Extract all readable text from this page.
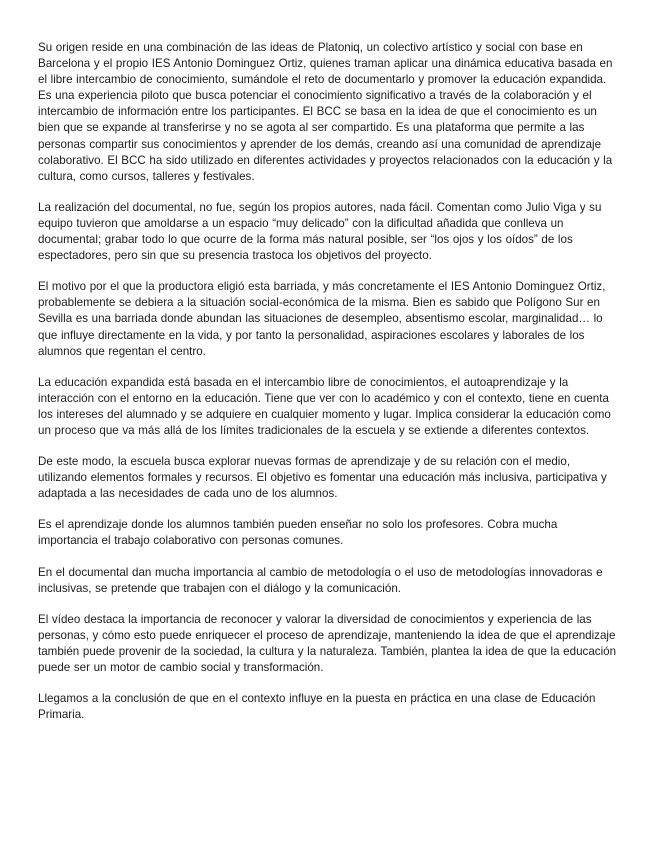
Su origen reside en una combinación de las ideas de Platoniq, un colectivo artístico y social con base en Barcelona y el propio IES Antonio Dominguez Ortiz, quienes traman aplicar una dinámica educativa basada en el libre intercambio de conocimiento, sumándole el reto de documentarlo y promover la educación expandida. Es una experiencia piloto que busca potenciar el conocimiento significativo a través de la colaboración y el intercambio de información entre los participantes. El BCC se basa en la idea de que el conocimiento es un bien que se expande al transferirse y no se agota al ser compartido. Es una plataforma que permite a las personas compartir sus conocimientos y aprender de los demás, creando así una comunidad de aprendizaje colaborativo. El BCC ha sido utilizado en diferentes actividades y proyectos relacionados con la educación y la cultura, como cursos, talleres y festivales.

La realización del documental, no fue, según los propios autores, nada fácil. Comentan como Julio Viga y su equipo tuvieron que amoldarse a un espacio “muy delicado” con la dificultad añadida que conlleva un documental; grabar todo lo que ocurre de la forma más natural posible, ser “los ojos y los oídos” de los espectadores, pero sin que su presencia trastoca los objetivos del proyecto.

El motivo por el que la productora eligió esta barriada, y más concretamente el IES Antonio Dominguez Ortiz, probablemente se debiera a la situación social-económica de la misma. Bien es sabido que Polígono Sur en Sevilla es una barriada donde abundan las situaciones de desempleo, absentismo escolar, marginalidad… lo que influye directamente en la vida, y por tanto la personalidad, aspiraciones escolares y laborales de los alumnos que regentan el centro.

La educación expandida está basada en el intercambio libre de conocimientos, el autoaprendizaje y la interacción con el entorno en la educación. Tiene que ver con lo académico y con el contexto, tiene en cuenta los intereses del alumnado y se adquiere en cualquier momento y lugar. Implica considerar la educación como un proceso que va más allá de los límites tradicionales de la escuela y se extiende a diferentes contextos.

De este modo, la escuela busca explorar nuevas formas de aprendizaje y de su relación con el medio, utilizando elementos formales y recursos. El objetivo es fomentar una educación más inclusiva, participativa y adaptada a las necesidades de cada uno de los alumnos.

Es el aprendizaje donde los alumnos también pueden enseñar no solo los profesores. Cobra mucha importancia el trabajo colaborativo con personas comunes.

En el documental dan mucha importancia al cambio de metodología o el uso de metodologías innovadoras e inclusivas, se pretende que trabajen con el diálogo y la comunicación.

El vídeo destaca la importancia de reconocer y valorar la diversidad de conocimientos y experiencia de las personas, y cómo esto puede enriquecer el proceso de aprendizaje, manteniendo la idea de que el aprendizaje también puede provenir de la sociedad, la cultura y la naturaleza. También, plantea la idea de que la educación puede ser un motor de cambio social y transformación.

Llegamos a la conclusión de que en el contexto influye en la puesta en práctica en una clase de Educación Primaria.
